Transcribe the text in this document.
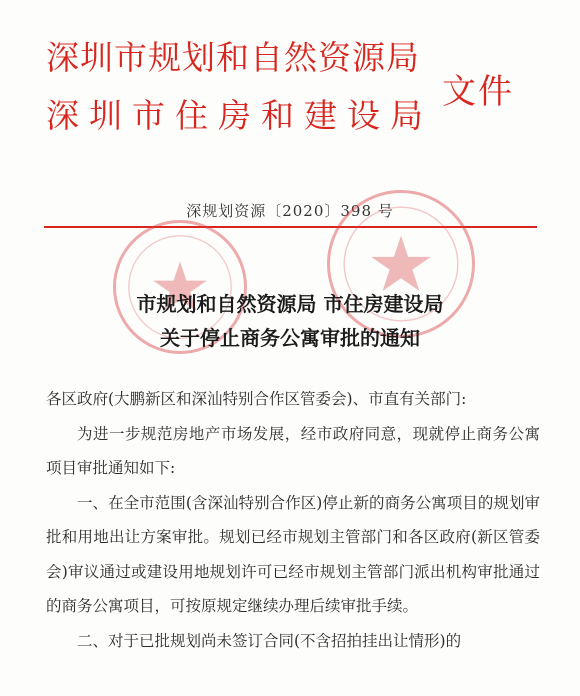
深圳市规划和自然资源局
深圳市住房和建设局
文件
深规划资源〔2020〕398 号
市规划和自然资源局 市住房建设局
关于停止商务公寓审批的通知

各区政府(大鹏新区和深汕特别合作区管委会)、市直有关部门:

为进一步规范房地产市场发展，经市政府同意，现就停止商务公寓项目审批通知如下:

一、在全市范围(含深汕特别合作区)停止新的商务公寓项目的规划审批和用地出让方案审批。规划已经市规划主管部门和各区政府(新区管委会)审议通过或建设用地规划许可已经市规划主管部门派出机构审批通过的商务公寓项目，可按原规定继续办理后续审批手续。

二、对于已批规划尚未签订合同(不含招拍挂出让情形)的
